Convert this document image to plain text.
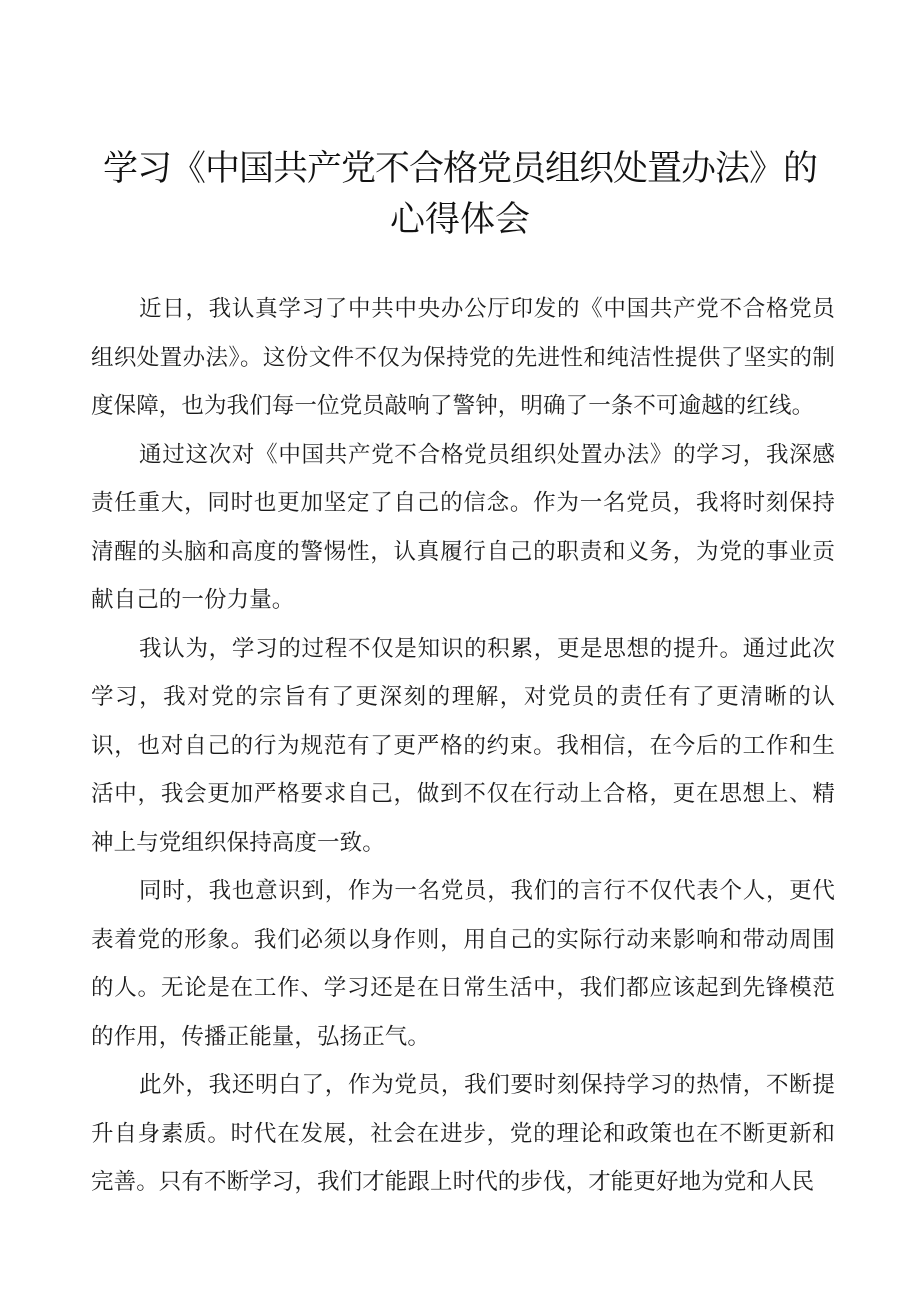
学习《中国共产党不合格党员组织处置办法》的
心得体会

近日，我认真学习了中共中央办公厅印发的《中国共产党不合格党员组织处置办法》。这份文件不仅为保持党的先进性和纯洁性提供了坚实的制度保障，也为我们每一位党员敲响了警钟，明确了一条不可逾越的红线。

通过这次对《中国共产党不合格党员组织处置办法》的学习，我深感责任重大，同时也更加坚定了自己的信念。作为一名党员，我将时刻保持清醒的头脑和高度的警惕性，认真履行自己的职责和义务，为党的事业贡献自己的一份力量。

我认为，学习的过程不仅是知识的积累，更是思想的提升。通过此次学习，我对党的宗旨有了更深刻的理解，对党员的责任有了更清晰的认识，也对自己的行为规范有了更严格的约束。我相信，在今后的工作和生活中，我会更加严格要求自己，做到不仅在行动上合格，更在思想上、精神上与党组织保持高度一致。

同时，我也意识到，作为一名党员，我们的言行不仅代表个人，更代表着党的形象。我们必须以身作则，用自己的实际行动来影响和带动周围的人。无论是在工作、学习还是在日常生活中，我们都应该起到先锋模范的作用，传播正能量，弘扬正气。

此外，我还明白了，作为党员，我们要时刻保持学习的热情，不断提升自身素质。时代在发展，社会在进步，党的理论和政策也在不断更新和完善。只有不断学习，我们才能跟上时代的步伐，才能更好地为党和人民
